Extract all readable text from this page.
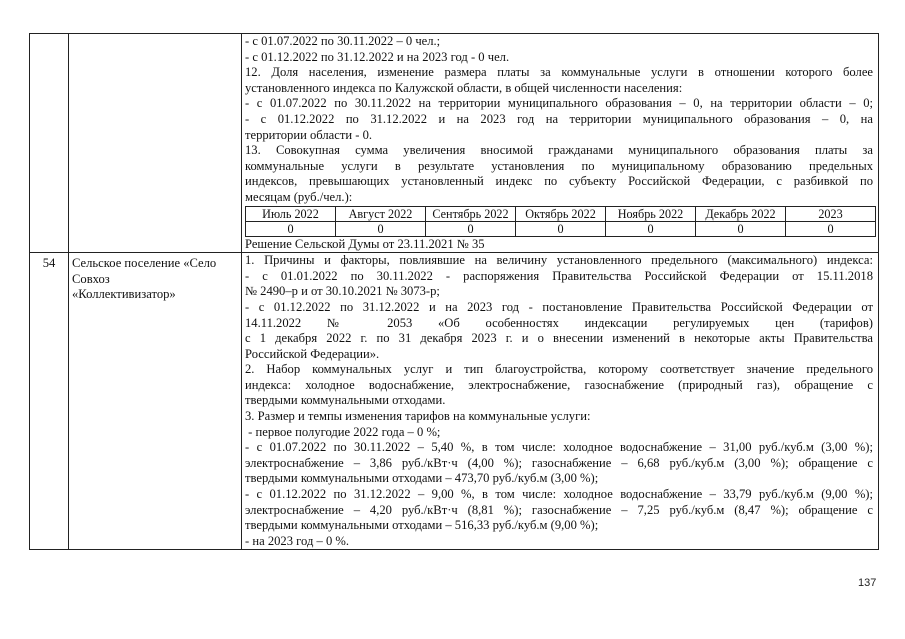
- с 01.07.2022 по 30.11.2022 – 0 чел.;
- с 01.12.2022 по 31.12.2022 и на 2023 год - 0 чел.
12. Доля населения, изменение размера платы за коммунальные услуги в отношении которого более
установленного индекса по Калужской области, в общей численности населения:
- с 01.07.2022 по 30.11.2022 на территории муниципального образования – 0, на территории области – 0;
- с 01.12.2022 по 31.12.2022 и на 2023 год на территории муниципального образования – 0, на
территории области - 0.
13. Совокупная сумма увеличения вносимой гражданами муниципального образования платы за
коммунальные услуги в результате установления по муниципальному образованию предельных
индексов, превышающих установленный индекс по субъекту Российской Федерации, с разбивкой по
месяцам (руб./чел.):
Июль 2022	Август 2022	Сентябрь 2022	Октябрь 2022	Ноябрь 2022	Декабрь 2022	2023
0	0	0	0	0	0	0
Решение Сельской Думы от 23.11.2021 № 35

54	Сельское поселение «Село
Совхоз
«Коллективизатор»

1. Причины и факторы, повлиявшие на величину установленного предельного (максимального) индекса:
- с 01.01.2022 по 30.11.2022 - распоряжения Правительства Российской Федерации от 15.11.2018
№ 2490–р и от 30.10.2021 № 3073-р;
- с 01.12.2022 по 31.12.2022 и на 2023 год - постановление Правительства Российской Федерации от
14.11.2022 № 2053 «Об особенностях индексации регулируемых цен (тарифов)
с 1 декабря 2022 г. по 31 декабря 2023 г. и о внесении изменений в некоторые акты Правительства
Российской Федерации».
2. Набор коммунальных услуг и тип благоустройства, которому соответствует значение предельного
индекса: холодное водоснабжение, электроснабжение, газоснабжение (природный газ), обращение с
твердыми коммунальными отходами.
3. Размер и темпы изменения тарифов на коммунальные услуги:
- первое полугодие 2022 года – 0 %;
- с 01.07.2022 по 30.11.2022 – 5,40 %, в том числе: холодное водоснабжение – 31,00 руб./куб.м (3,00 %);
электроснабжение – 3,86 руб./кВт·ч (4,00 %); газоснабжение – 6,68 руб./куб.м (3,00 %); обращение с
твердыми коммунальными отходами – 473,70 руб./куб.м (3,00 %);
- с 01.12.2022 по 31.12.2022 – 9,00 %, в том числе: холодное водоснабжение – 33,79 руб./куб.м (9,00 %);
электроснабжение – 4,20 руб./кВт·ч (8,81 %); газоснабжение – 7,25 руб./куб.м (8,47 %); обращение с
твердыми коммунальными отходами – 516,33 руб./куб.м (9,00 %);
- на 2023 год – 0 %.
137
